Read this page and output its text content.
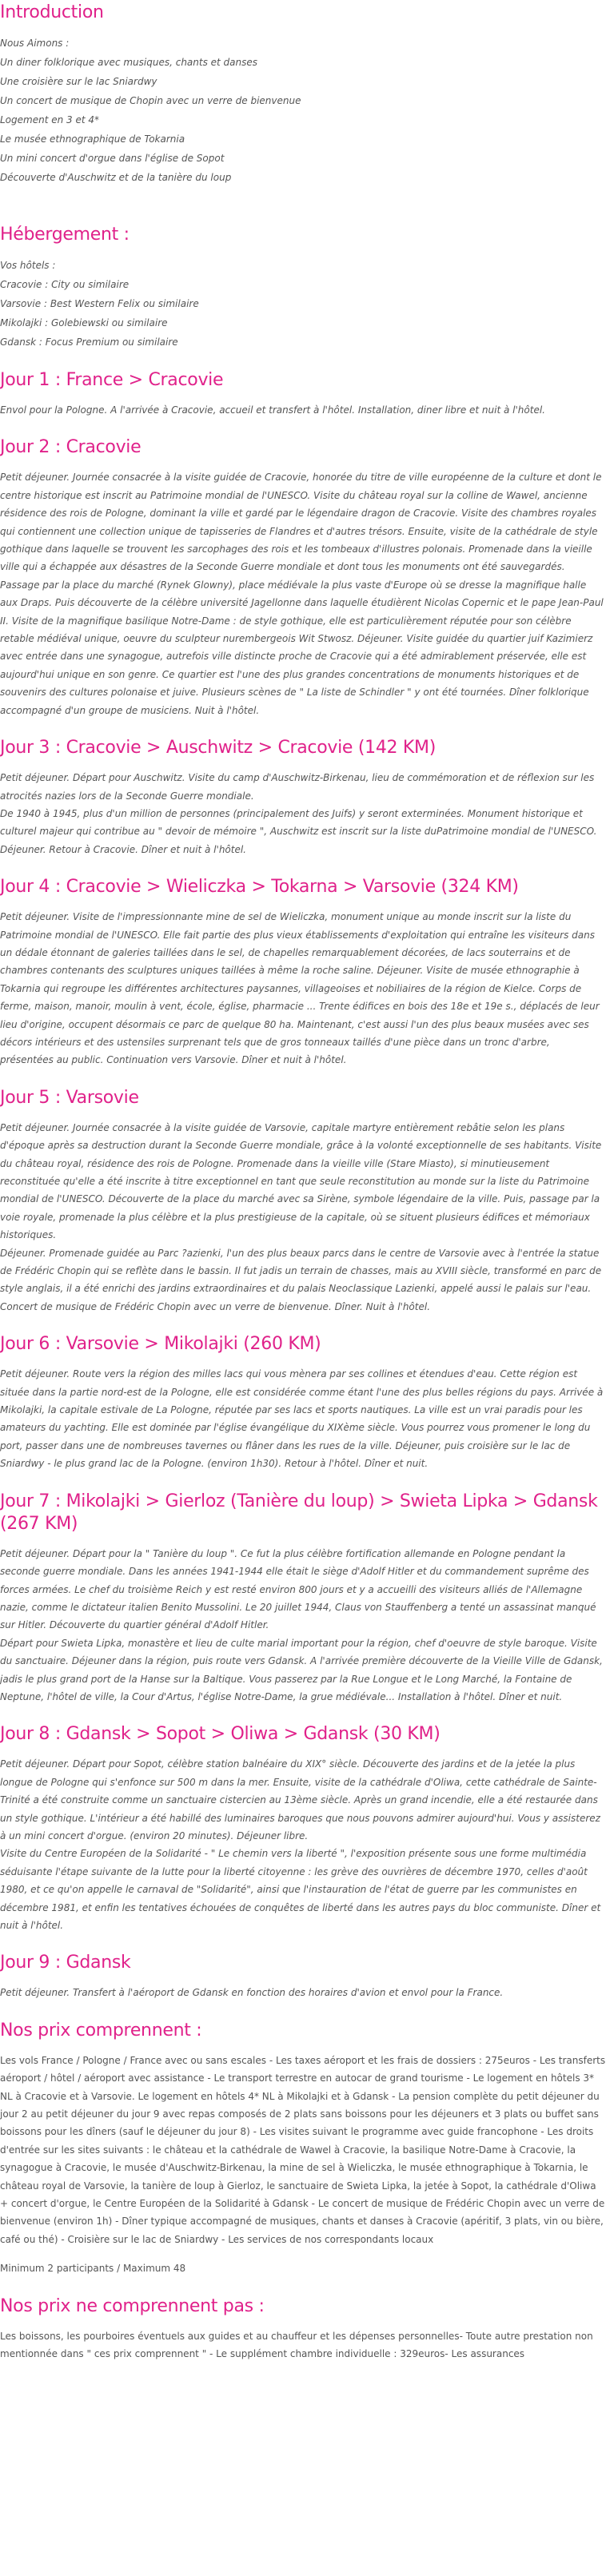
Introduction

Nous Aimons :

Un diner folklorique avec musiques, chants et danses

Une croisière sur le lac Sniardwy

Un concert de musique de Chopin avec un verre de bienvenue

Logement en 3 et 4*

Le musée ethnographique de Tokarnia

Un mini concert d'orgue dans l'église de Sopot

Découverte d'Auschwitz et de la tanière du loup

Hébergement :

Vos hôtels :

Cracovie : City ou similaire

Varsovie : Best Western Felix ou similaire

Mikolajki : Golebiewski ou similaire

Gdansk : Focus Premium ou similaire

Jour 1 : France > Cracovie

Envol pour la Pologne. A l'arrivée à Cracovie, accueil et transfert à l'hôtel. Installation, diner libre et nuit à l'hôtel.

Jour 2 : Cracovie

Petit déjeuner. Journée consacrée à la visite guidée de Cracovie, honorée du titre de ville européenne de la culture et dont le centre historique est inscrit au Patrimoine mondial de l'UNESCO. Visite du château royal sur la colline de Wawel, ancienne résidence des rois de Pologne, dominant la ville et gardé par le légendaire dragon de Cracovie. Visite des chambres royales qui contiennent une collection unique de tapisseries de Flandres et d'autres trésors. Ensuite, visite de la cathédrale de style gothique dans laquelle se trouvent les sarcophages des rois et les tombeaux d'illustres polonais. Promenade dans la vieille ville qui a échappée aux désastres de la Seconde Guerre mondiale et dont tous les monuments ont été sauvegardés. Passage par la place du marché (Rynek Glowny), place médiévale la plus vaste d'Europe où se dresse la magnifique halle aux Draps. Puis découverte de la célèbre université Jagellonne dans laquelle étudièrent Nicolas Copernic et le pape Jean-Paul II. Visite de la magnifique basilique Notre-Dame : de style gothique, elle est particulièrement réputée pour son célèbre retable médiéval unique, oeuvre du sculpteur nurembergeois Wit Stwosz. Déjeuner. Visite guidée du quartier juif Kazimierz avec entrée dans une synagogue, autrefois ville distincte proche de Cracovie qui a été admirablement préservée, elle est aujourd'hui unique en son genre. Ce quartier est l'une des plus grandes concentrations de monuments historiques et de souvenirs des cultures polonaise et juive. Plusieurs scènes de " La liste de Schindler " y ont été tournées. Dîner folklorique accompagné d'un groupe de musiciens. Nuit à l'hôtel.

Jour 3 : Cracovie > Auschwitz > Cracovie (142 KM)

Petit déjeuner. Départ pour Auschwitz. Visite du camp d'Auschwitz-Birkenau, lieu de commémoration et de réflexion sur les atrocités nazies lors de la Seconde Guerre mondiale.

De 1940 à 1945, plus d'un million de personnes (principalement des Juifs) y seront exterminées. Monument historique et culturel majeur qui contribue au " devoir de mémoire ", Auschwitz est inscrit sur la liste duPatrimoine mondial de l'UNESCO. Déjeuner. Retour à Cracovie. Dîner et nuit à l'hôtel.

Jour 4 : Cracovie > Wieliczka > Tokarna > Varsovie (324 KM)

Petit déjeuner. Visite de l'impressionnante mine de sel de Wieliczka, monument unique au monde inscrit sur la liste du Patrimoine mondial de l'UNESCO. Elle fait partie des plus vieux établissements d'exploitation qui entraîne les visiteurs dans un dédale étonnant de galeries taillées dans le sel, de chapelles remarquablement décorées, de lacs souterrains et de chambres contenants des sculptures uniques taillées à même la roche saline. Déjeuner. Visite de musée ethnographie à Tokarnia qui regroupe les différentes architectures paysannes, villageoises et nobiliaires de la région de Kielce. Corps de ferme, maison, manoir, moulin à vent, école, église, pharmacie ... Trente édifices en bois des 18e et 19e s., déplacés de leur lieu d'origine, occupent désormais ce parc de quelque 80 ha. Maintenant, c'est aussi l'un des plus beaux musées avec ses décors intérieurs et des ustensiles surprenant tels que de gros tonneaux taillés d'une pièce dans un tronc d'arbre, présentées au public. Continuation vers Varsovie. Dîner et nuit à l'hôtel.

Jour 5 : Varsovie

Petit déjeuner. Journée consacrée à la visite guidée de Varsovie, capitale martyre entièrement rebâtie selon les plans d'époque après sa destruction durant la Seconde Guerre mondiale, grâce à la volonté exceptionnelle de ses habitants. Visite du château royal, résidence des rois de Pologne. Promenade dans la vieille ville (Stare Miasto), si minutieusement reconstituée qu'elle a été inscrite à titre exceptionnel en tant que seule reconstitution au monde sur la liste du Patrimoine mondial de l'UNESCO. Découverte de la place du marché avec sa Sirène, symbole légendaire de la ville. Puis, passage par la voie royale, promenade la plus célèbre et la plus prestigieuse de la capitale, où se situent plusieurs édifices et mémoriaux historiques.

Déjeuner. Promenade guidée au Parc ?azienki, l'un des plus beaux parcs dans le centre de Varsovie avec à l'entrée la statue de Frédéric Chopin qui se reflète dans le bassin. Il fut jadis un terrain de chasses, mais au XVIII siècle, transformé en parc de style anglais, il a été enrichi des jardins extraordinaires et du palais Neoclassique Lazienki, appelé aussi le palais sur l'eau. Concert de musique de Frédéric Chopin avec un verre de bienvenue. Dîner. Nuit à l'hôtel.

Jour 6 : Varsovie > Mikolajki (260 KM)

Petit déjeuner. Route vers la région des milles lacs qui vous mènera par ses collines et étendues d'eau. Cette région est située dans la partie nord-est de la Pologne, elle est considérée comme étant l'une des plus belles régions du pays. Arrivée à Mikolajki, la capitale estivale de La Pologne, réputée par ses lacs et sports nautiques. La ville est un vrai paradis pour les amateurs du yachting. Elle est dominée par l'église évangélique du XIXème siècle. Vous pourrez vous promener le long du port, passer dans une de nombreuses tavernes ou flâner dans les rues de la ville. Déjeuner, puis croisière sur le lac de Sniardwy - le plus grand lac de la Pologne. (environ 1h30). Retour à l'hôtel. Dîner et nuit.

Jour 7 : Mikolajki > Gierloz (Tanière du loup) > Swieta Lipka > Gdansk (267 KM)

Petit déjeuner. Départ pour la " Tanière du loup ". Ce fut la plus célèbre fortification allemande en Pologne pendant la seconde guerre mondiale. Dans les années 1941-1944 elle était le siège d'Adolf Hitler et du commandement suprême des forces armées. Le chef du troisième Reich y est resté environ 800 jours et y a accueilli des visiteurs alliés de l'Allemagne nazie, comme le dictateur italien Benito Mussolini. Le 20 juillet 1944, Claus von Stauffenberg a tenté un assassinat manqué sur Hitler. Découverte du quartier général d'Adolf Hitler.

Départ pour Swieta Lipka, monastère et lieu de culte marial important pour la région, chef d'oeuvre de style baroque. Visite du sanctuaire. Déjeuner dans la région, puis route vers Gdansk. A l'arrivée première découverte de la Vieille Ville de Gdansk, jadis le plus grand port de la Hanse sur la Baltique. Vous passerez par la Rue Longue et le Long Marché, la Fontaine de Neptune, l'hôtel de ville, la Cour d'Artus, l'église Notre-Dame, la grue médiévale... Installation à l'hôtel. Dîner et nuit.

Jour 8 : Gdansk > Sopot > Oliwa > Gdansk (30 KM)

Petit déjeuner. Départ pour Sopot, célèbre station balnéaire du XIX° siècle. Découverte des jardins et de la jetée la plus longue de Pologne qui s'enfonce sur 500 m dans la mer. Ensuite, visite de la cathédrale d'Oliwa, cette cathédrale de Sainte-Trinité a été construite comme un sanctuaire cistercien au 13ème siècle. Après un grand incendie, elle a été restaurée dans un style gothique. L'intérieur a été habillé des luminaires baroques que nous pouvons admirer aujourd'hui. Vous y assisterez à un mini concert d'orgue. (environ 20 minutes). Déjeuner libre.

Visite du Centre Européen de la Solidarité - " Le chemin vers la liberté ", l'exposition présente sous une forme multimédia séduisante l'étape suivante de la lutte pour la liberté citoyenne : les grève des ouvrières de décembre 1970, celles d'août 1980, et ce qu'on appelle le carnaval de "Solidarité", ainsi que l'instauration de l'état de guerre par les communistes en décembre 1981, et enfin les tentatives échouées de conquêtes de liberté dans les autres pays du bloc communiste. Dîner et nuit à l'hôtel.

Jour 9 : Gdansk

Petit déjeuner. Transfert à l'aéroport de Gdansk en fonction des horaires d'avion et envol pour la France.

Nos prix comprennent :

Les vols France / Pologne / France avec ou sans escales - Les taxes aéroport et les frais de dossiers : 275euros - Les transferts aéroport / hôtel / aéroport avec assistance - Le transport terrestre en autocar de grand tourisme - Le logement en hôtels 3* NL à Cracovie et à Varsovie. Le logement en hôtels 4* NL à Mikolajki et à Gdansk - La pension complète du petit déjeuner du jour 2 au petit déjeuner du jour 9 avec repas composés de 2 plats sans boissons pour les déjeuners et 3 plats ou buffet sans boissons pour les dîners (sauf le déjeuner du jour 8) - Les visites suivant le programme avec guide francophone - Les droits d'entrée sur les sites suivants : le château et la cathédrale de Wawel à Cracovie, la basilique Notre-Dame à Cracovie, la synagogue à Cracovie, le musée d'Auschwitz-Birkenau, la mine de sel à Wieliczka, le musée ethnographique à Tokarnia, le château royal de Varsovie, la tanière de loup à Gierloz, le sanctuaire de Swieta Lipka, la jetée à Sopot, la cathédrale d'Oliwa + concert d'orgue, le Centre Européen de la Solidarité à Gdansk - Le concert de musique de Frédéric Chopin avec un verre de bienvenue (environ 1h) - Dîner typique accompagné de musiques, chants et danses à Cracovie (apéritif, 3 plats, vin ou bière, café ou thé) - Croisière sur le lac de Sniardwy - Les services de nos correspondants locaux

Minimum 2 participants / Maximum 48

Nos prix ne comprennent pas :

Les boissons, les pourboires éventuels aux guides et au chauffeur et les dépenses personnelles- Toute autre prestation non mentionnée dans " ces prix comprennent " - Le supplément chambre individuelle : 329euros- Les assurances
